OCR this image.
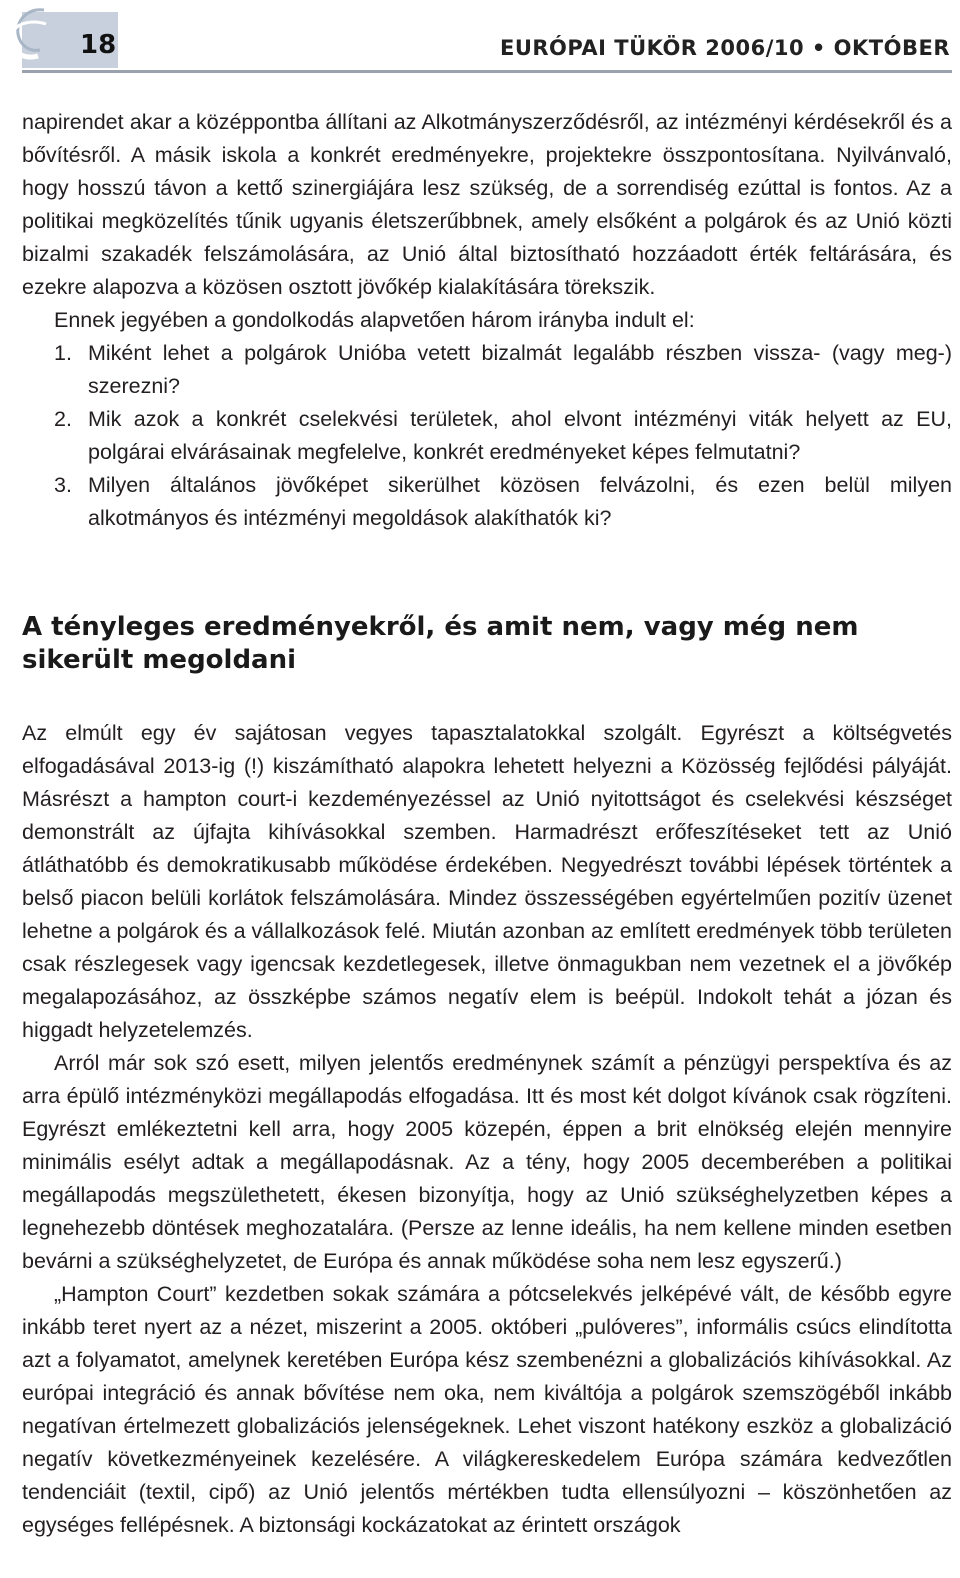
18	EURÓPAI TÜKÖR 2006/10 • OKTÓBER

napirendet akar a középpontba állítani az Alkotmányszerződésről, az intézményi kérdésekről és a bővítésről. A másik iskola a konkrét eredményekre, projektekre összpontosítana. Nyilvánvaló, hogy hosszú távon a kettő szinergiájára lesz szükség, de a sorrendiség ezúttal is fontos. Az a politikai megközelítés tűnik ugyanis életszerűbbnek, amely elsőként a polgárok és az Unió közti bizalmi szakadék felszámolására, az Unió által biztosítható hozzáadott érték feltárására, és ezekre alapozva a közösen osztott jövőkép kialakítására törekszik.

Ennek jegyében a gondolkodás alapvetően három irányba indult el:

1. Miként lehet a polgárok Unióba vetett bizalmát legalább részben vissza- (vagy meg-) szerezni?
2. Mik azok a konkrét cselekvési területek, ahol elvont intézményi viták helyett az EU, polgárai elvárásainak megfelelve, konkrét eredményeket képes felmutatni?
3. Milyen általános jövőképet sikerülhet közösen felvázolni, és ezen belül milyen alkotmányos és intézményi megoldások alakíthatók ki?
A tényleges eredményekről, és amit nem, vagy még nem sikerült megoldani

Az elmúlt egy év sajátosan vegyes tapasztalatokkal szolgált. Egyrészt a költségvetés elfogadásával 2013-ig (!) kiszámítható alapokra lehetett helyezni a Közösség fejlődési pályáját. Másrészt a hampton court-i kezdeményezéssel az Unió nyitottságot és cselekvési készséget demonstrált az újfajta kihívásokkal szemben. Harmadrészt erőfeszítéseket tett az Unió átláthatóbb és demokratikusabb működése érdekében. Negyedrészt további lépések történtek a belső piacon belüli korlátok felszámolására. Mindez összességében egyértelműen pozitív üzenet lehetne a polgárok és a vállalkozások felé. Miután azonban az említett eredmények több területen csak részlegesek vagy igencsak kezdetlegesek, illetve önmagukban nem vezetnek el a jövőkép megalapozásához, az összképbe számos negatív elem is beépül. Indokolt tehát a józan és higgadt helyzetelemzés.

Arról már sok szó esett, milyen jelentős eredménynek számít a pénzügyi perspektíva és az arra épülő intézményközi megállapodás elfogadása. Itt és most két dolgot kívánok csak rögzíteni. Egyrészt emlékeztetni kell arra, hogy 2005 közepén, éppen a brit elnökség elején mennyire minimális esélyt adtak a megállapodásnak. Az a tény, hogy 2005 decemberében a politikai megállapodás megszülethetett, ékesen bizonyítja, hogy az Unió szükséghelyzetben képes a legnehezebb döntések meghozatalára. (Persze az lenne ideális, ha nem kellene minden esetben bevárni a szükséghelyzetet, de Európa és annak működése soha nem lesz egyszerű.)

„Hampton Court” kezdetben sokak számára a pótcselekvés jelképévé vált, de később egyre inkább teret nyert az a nézet, miszerint a 2005. októberi „pulóveres”, informális csúcs elindította azt a folyamatot, amelynek keretében Európa kész szembenézni a globalizációs kihívásokkal. Az európai integráció és annak bővítése nem oka, nem kiváltója a polgárok szemszögéből inkább negatívan értelmezett globalizációs jelenségeknek. Lehet viszont hatékony eszköz a globalizáció negatív következményeinek kezelésére. A világkereskedelem Európa számára kedvezőtlen tendenciáit (textil, cipő) az Unió jelentős mértékben tudta ellensúlyozni – köszönhetően az egységes fellépésnek. A biztonsági kockázatokat az érintett országok
